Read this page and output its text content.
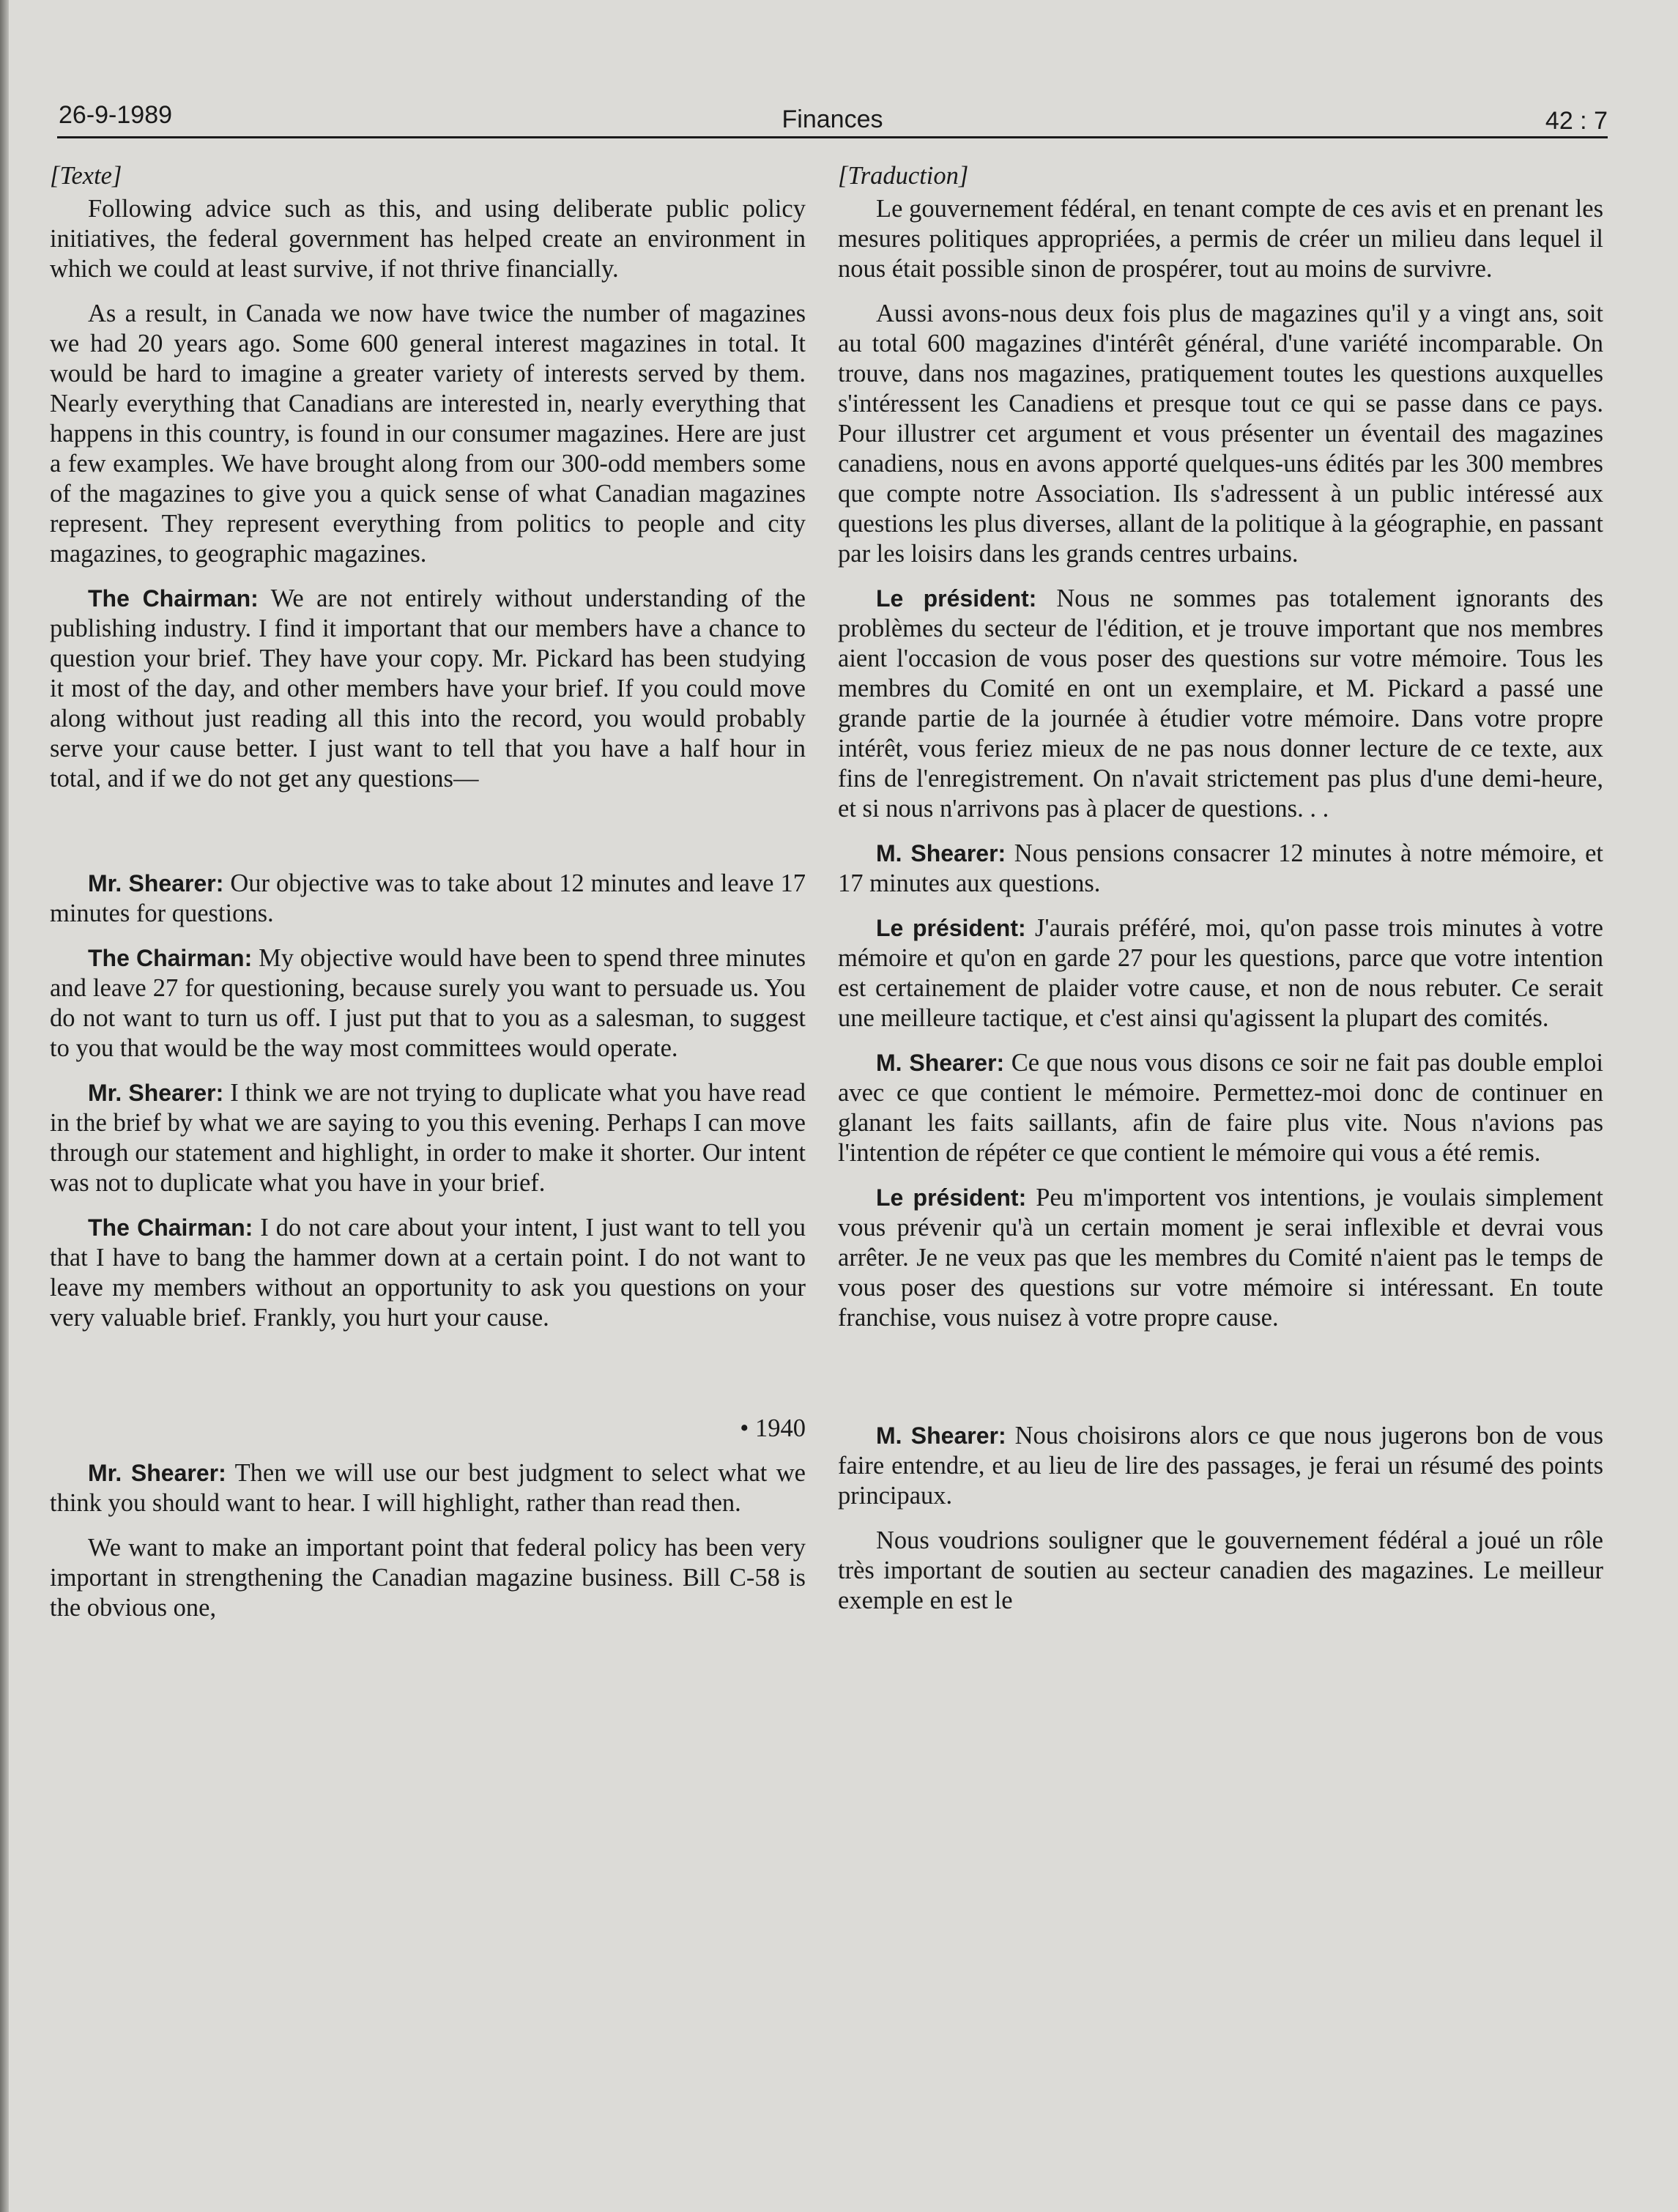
26-9-1989	Finances	42 : 7

[Texte]

Following advice such as this, and using deliberate public policy initiatives, the federal government has helped create an environment in which we could at least survive, if not thrive financially.

As a result, in Canada we now have twice the number of magazines we had 20 years ago. Some 600 general interest magazines in total. It would be hard to imagine a greater variety of interests served by them. Nearly everything that Canadians are interested in, nearly everything that happens in this country, is found in our consumer magazines. Here are just a few examples. We have brought along from our 300-odd members some of the magazines to give you a quick sense of what Canadian magazines represent. They represent everything from politics to people and city magazines, to geographic magazines.

The Chairman: We are not entirely without understanding of the publishing industry. I find it important that our members have a chance to question your brief. They have your copy. Mr. Pickard has been studying it most of the day, and other members have your brief. If you could move along without just reading all this into the record, you would probably serve your cause better. I just want to tell that you have a half hour in total, and if we do not get any questions—

Mr. Shearer: Our objective was to take about 12 minutes and leave 17 minutes for questions.

The Chairman: My objective would have been to spend three minutes and leave 27 for questioning, because surely you want to persuade us. You do not want to turn us off. I just put that to you as a salesman, to suggest to you that would be the way most committees would operate.

Mr. Shearer: I think we are not trying to duplicate what you have read in the brief by what we are saying to you this evening. Perhaps I can move through our statement and highlight, in order to make it shorter. Our intent was not to duplicate what you have in your brief.

The Chairman: I do not care about your intent, I just want to tell you that I have to bang the hammer down at a certain point. I do not want to leave my members without an opportunity to ask you questions on your very valuable brief. Frankly, you hurt your cause.

• 1940

Mr. Shearer: Then we will use our best judgment to select what we think you should want to hear. I will highlight, rather than read then.

We want to make an important point that federal policy has been very important in strengthening the Canadian magazine business. Bill C-58 is the obvious one,

[Traduction]

Le gouvernement fédéral, en tenant compte de ces avis et en prenant les mesures politiques appropriées, a permis de créer un milieu dans lequel il nous était possible sinon de prospérer, tout au moins de survivre.

Aussi avons-nous deux fois plus de magazines qu'il y a vingt ans, soit au total 600 magazines d'intérêt général, d'une variété incomparable. On trouve, dans nos magazines, pratiquement toutes les questions auxquelles s'intéressent les Canadiens et presque tout ce qui se passe dans ce pays. Pour illustrer cet argument et vous présenter un éventail des magazines canadiens, nous en avons apporté quelques-uns édités par les 300 membres que compte notre Association. Ils s'adressent à un public intéressé aux questions les plus diverses, allant de la politique à la géographie, en passant par les loisirs dans les grands centres urbains.

Le président: Nous ne sommes pas totalement ignorants des problèmes du secteur de l'édition, et je trouve important que nos membres aient l'occasion de vous poser des questions sur votre mémoire. Tous les membres du Comité en ont un exemplaire, et M. Pickard a passé une grande partie de la journée à étudier votre mémoire. Dans votre propre intérêt, vous feriez mieux de ne pas nous donner lecture de ce texte, aux fins de l'enregistrement. On n'avait strictement pas plus d'une demi-heure, et si nous n'arrivons pas à placer de questions. . .

M. Shearer: Nous pensions consacrer 12 minutes à notre mémoire, et 17 minutes aux questions.

Le président: J'aurais préféré, moi, qu'on passe trois minutes à votre mémoire et qu'on en garde 27 pour les questions, parce que votre intention est certainement de plaider votre cause, et non de nous rebuter. Ce serait une meilleure tactique, et c'est ainsi qu'agissent la plupart des comités.

M. Shearer: Ce que nous vous disons ce soir ne fait pas double emploi avec ce que contient le mémoire. Permettez-moi donc de continuer en glanant les faits saillants, afin de faire plus vite. Nous n'avions pas l'intention de répéter ce que contient le mémoire qui vous a été remis.

Le président: Peu m'importent vos intentions, je voulais simplement vous prévenir qu'à un certain moment je serai inflexible et devrai vous arrêter. Je ne veux pas que les membres du Comité n'aient pas le temps de vous poser des questions sur votre mémoire si intéressant. En toute franchise, vous nuisez à votre propre cause.

M. Shearer: Nous choisirons alors ce que nous jugerons bon de vous faire entendre, et au lieu de lire des passages, je ferai un résumé des points principaux.

Nous voudrions souligner que le gouvernement fédéral a joué un rôle très important de soutien au secteur canadien des magazines. Le meilleur exemple en est le
